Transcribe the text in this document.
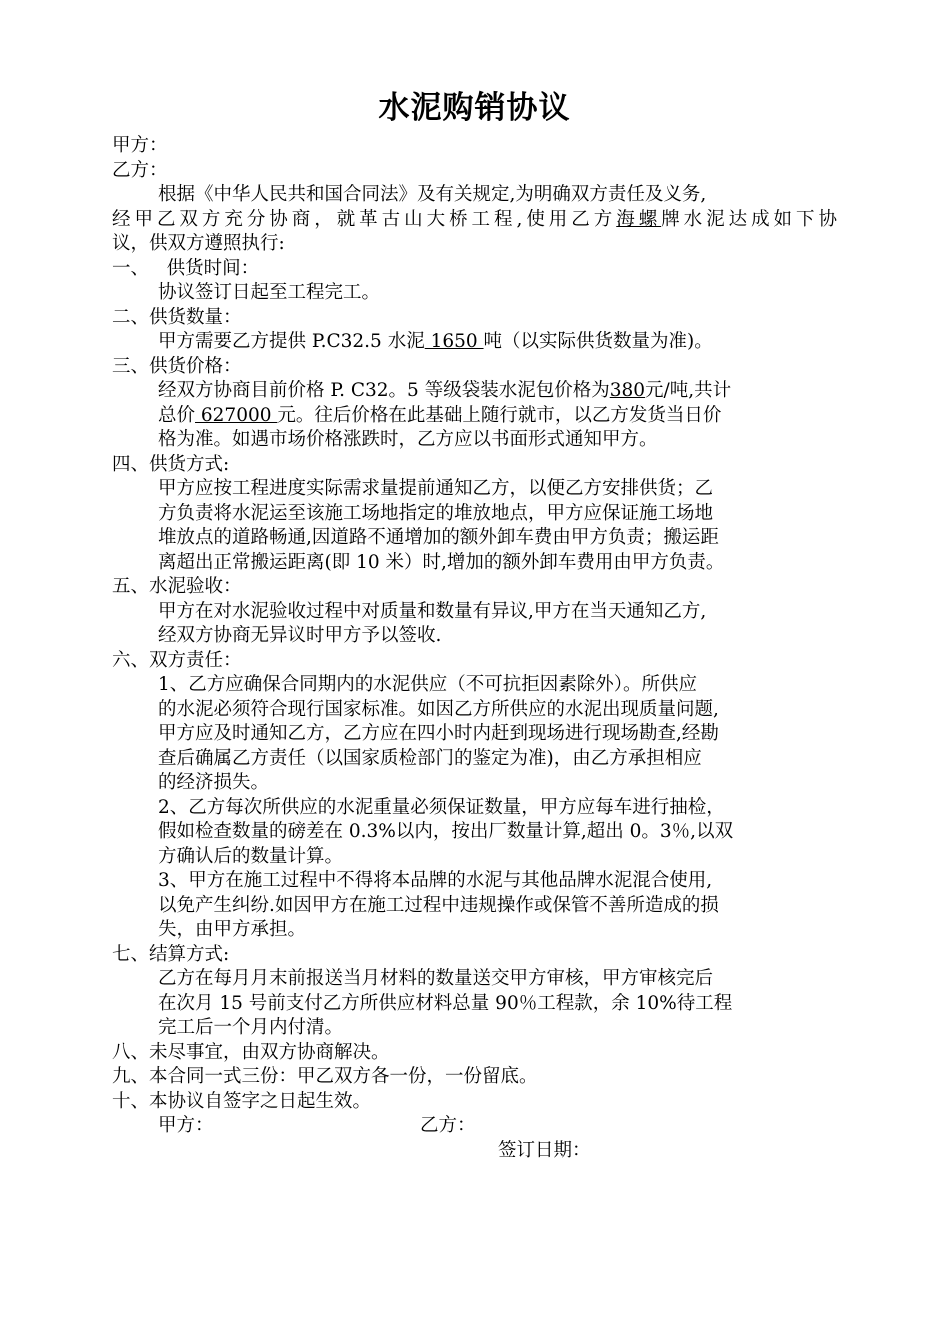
水泥购销协议
甲方：
乙方：
根据《中华人民共和国合同法》及有关规定,为明确双方责任及义务,
经甲乙双方充分协商，就革古山大桥工程,使用乙方海螺牌水泥达成如下协
议，供双方遵照执行:
一、   供货时间：
协议签订日起至工程完工。
二、供货数量：
甲方需要乙方提供 P.C32.5 水泥 1650 吨（以实际供货数量为准)。
三、供货价格：
经双方协商目前价格 P. C32。5 等级袋装水泥包价格为380元/吨,共计
总价 627000 元。往后价格在此基础上随行就市，以乙方发货当日价
格为准。如遇市场价格涨跌时，乙方应以书面形式通知甲方。
四、供货方式:
甲方应按工程进度实际需求量提前通知乙方，以便乙方安排供货；乙
方负责将水泥运至该施工场地指定的堆放地点，甲方应保证施工场地
堆放点的道路畅通,因道路不通增加的额外卸车费由甲方负责；搬运距
离超出正常搬运距离(即 10 米）时,增加的额外卸车费用由甲方负责。
五、水泥验收：
甲方在对水泥验收过程中对质量和数量有异议,甲方在当天通知乙方,
经双方协商无异议时甲方予以签收.
六、双方责任：
1、乙方应确保合同期内的水泥供应（不可抗拒因素除外）。所供应
的水泥必须符合现行国家标准。如因乙方所供应的水泥出现质量问题,
甲方应及时通知乙方，乙方应在四小时内赶到现场进行现场勘查,经勘
查后确属乙方责任（以国家质检部门的鉴定为准)，由乙方承担相应
的经济损失。
2、乙方每次所供应的水泥重量必须保证数量，甲方应每车进行抽检，
假如检查数量的磅差在 0.3%以内，按出厂数量计算,超出 0。3％,以双
方确认后的数量计算。
3、甲方在施工过程中不得将本品牌的水泥与其他品牌水泥混合使用,
以免产生纠纷.如因甲方在施工过程中违规操作或保管不善所造成的损
失，由甲方承担。
七、结算方式:
乙方在每月月末前报送当月材料的数量送交甲方审核，甲方审核完后
在次月 15 号前支付乙方所供应材料总量 90％工程款，余 10%待工程
完工后一个月内付清。
八、未尽事宜，由双方协商解决。
九、本合同一式三份：甲乙双方各一份，一份留底。
十、本协议自签字之日起生效。
甲方：	乙方：
签订日期：
